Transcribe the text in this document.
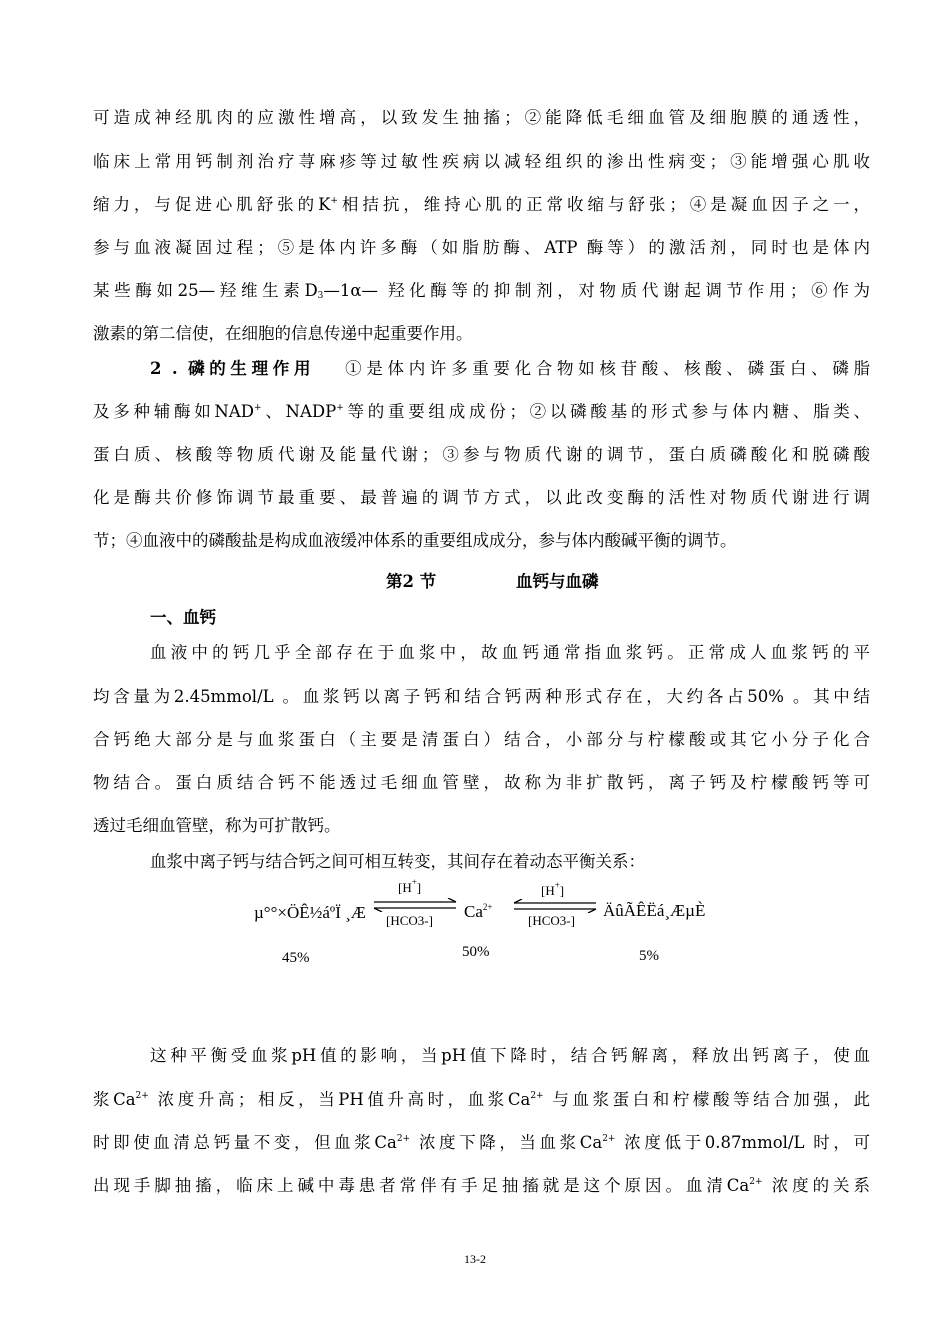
可造成神经肌肉的应激性增高，以致发生抽搐；②能降低毛细血管及细胞膜的通透性，
临床上常用钙制剂治疗荨麻疹等过敏性疾病以减轻组织的渗出性病变；③能增强心肌收
缩力，与促进心肌舒张的K+相拮抗，维持心肌的正常收缩与舒张；④是凝血因子之一，
参与血液凝固过程；⑤是体内许多酶（如脂肪酶、ATP 酶等）的激活剂，同时也是体内
某些酶如25—羟维生素$D_3—1\alpha—$ 羟化酶等的抑制剂，对物质代谢起调节作用；⑥作为
激素的第二信使，在细胞的信息传递中起重要作用。
2 . 磷的生理作用 ①是体内许多重要化合物如核苷酸、核酸、磷蛋白、磷脂
及多种辅酶如NAD+、NADP+等的重要组成成份；②以磷酸基的形式参与体内糖、脂类、
蛋白质、核酸等物质代谢及能量代谢；③参与物质代谢的调节，蛋白质磷酸化和脱磷酸
化是酶共价修饰调节最重要、最普遍的调节方式，以此改变酶的活性对物质代谢进行调
节；④血液中的磷酸盐是构成血液缓冲体系的重要组成成分，参与体内酸碱平衡的调节。
第2 节	血钙与血磷
一、血钙
血液中的钙几乎全部存在于血浆中，故血钙通常指血浆钙。正常成人血浆钙的平
均含量为2.45mmol/L 。血浆钙以离子钙和结合钙两种形式存在，大约各占50% 。其中结
合钙绝大部分是与血浆蛋白（主要是清蛋白）结合，小部分与柠檬酸或其它小分子化合
物结合。蛋白质结合钙不能透过毛细血管壁，故称为非扩散钙，离子钙及柠檬酸钙等可
透过毛细血管壁，称为可扩散钙。
血浆中离子钙与结合钙之间可相互转变，其间存在着动态平衡关系：
µ°°×ÖÊ½áºÏ ¸Æ
[H+]
[HCO3-] $Ca^{2+}$
[H+]
[HCO3-]
ÄûÃÊËá¸ÆµÈ
45%	50%	5%
这种平衡受血浆pH值的影响，当pH值下降时，结合钙解离，释放出钙离子，使血
浆$Ca^{2+}$ 浓度升高；相反，当PH值升高时，血浆$Ca^{2+}$ 与血浆蛋白和柠檬酸等结合加强，此
时即使血清总钙量不变，但血浆$Ca^{2+}$ 浓度下降，当血浆$Ca^{2+}$ 浓度低于0.87mmol/L 时，可
出现手脚抽搐，临床上碱中毒患者常伴有手足抽搐就是这个原因。血清$Ca^{2+}$ 浓度的关系
13-2
